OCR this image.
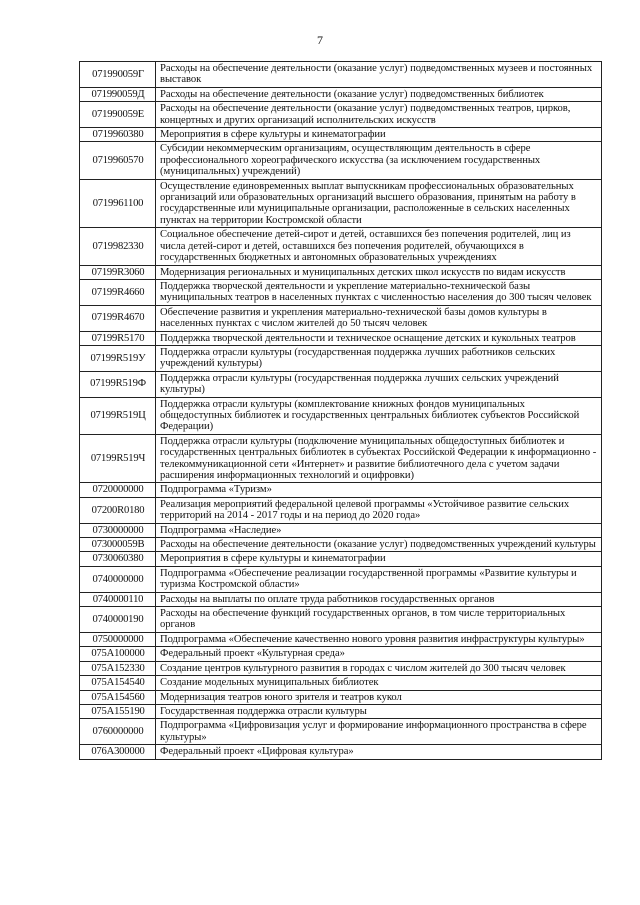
7
071990059Г	Расходы на обеспечение деятельности (оказание услуг) подведомственных музеев и постоянных выставок
071990059Д	Расходы на обеспечение деятельности (оказание услуг) подведомственных библиотек
071990059Е	Расходы на обеспечение деятельности (оказание услуг) подведомственных театров, цирков, концертных и других организаций исполнительских искусств
0719960380	Мероприятия в сфере культуры и кинематографии
0719960570	Субсидии некоммерческим организациям, осуществляющим деятельность в сфере профессионального хореографического искусства (за исключением государственных (муниципальных) учреждений)
0719961100	Осуществление единовременных выплат выпускникам профессиональных образовательных организаций или образовательных организаций высшего образования, принятым на работу в государственные или муниципальные организации, расположенные в сельских населенных пунктах на территории Костромской области
0719982330	Социальное обеспечение детей-сирот и детей, оставшихся без попечения родителей, лиц из числа детей-сирот и детей, оставшихся без попечения родителей, обучающихся в государственных бюджетных и автономных образовательных учреждениях
07199R3060	Модернизация региональных и муниципальных детских школ искусств по видам искусств
07199R4660	Поддержка творческой деятельности и укрепление материально-технической базы муниципальных театров в населенных пунктах с численностью населения до 300 тысяч человек
07199R4670	Обеспечение развития и укрепления материально-технической базы домов культуры в населенных пунктах с числом жителей до 50 тысяч человек
07199R5170	Поддержка творческой деятельности и техническое оснащение детских и кукольных театров
07199R519У	Поддержка отрасли культуры (государственная поддержка лучших работников сельских учреждений культуры)
07199R519Ф	Поддержка отрасли культуры (государственная поддержка лучших сельских учреждений культуры)
07199R519Ц	Поддержка отрасли культуры (комплектование книжных фондов муниципальных общедоступных библиотек и государственных центральных библиотек субъектов Российской Федерации)
07199R519Ч	Поддержка отрасли культуры (подключение муниципальных общедоступных библиотек и государственных центральных библиотек в субъектах Российской Федерации к информационно - телекоммуникационной сети «Интернет» и развитие библиотечного дела с учетом задачи расширения информационных технологий и оцифровки)
0720000000	Подпрограмма «Туризм»
07200R0180	Реализация мероприятий федеральной целевой программы «Устойчивое развитие сельских территорий на 2014 - 2017 годы и на период до 2020 года»
0730000000	Подпрограмма «Наследие»
073000059В	Расходы на обеспечение деятельности (оказание услуг) подведомственных учреждений культуры
0730060380	Мероприятия в сфере культуры и кинематографии
0740000000	Подпрограмма «Обеспечение реализации государственной программы «Развитие культуры и туризма Костромской области»
0740000110	Расходы на выплаты по оплате труда работников государственных органов
0740000190	Расходы на обеспечение функций государственных органов, в том числе территориальных органов
0750000000	Подпрограмма «Обеспечение качественно нового уровня развития инфраструктуры культуры»
075A100000	Федеральный проект «Культурная среда»
075A152330	Создание центров культурного развития в городах с числом жителей до 300 тысяч человек
075A154540	Создание модельных муниципальных библиотек
075A154560	Модернизация театров юного зрителя и театров кукол
075A155190	Государственная поддержка отрасли культуры
0760000000	Подпрограмма «Цифровизация услуг и формирование информационного пространства в сфере культуры»
076A300000	Федеральный проект «Цифровая культура»
